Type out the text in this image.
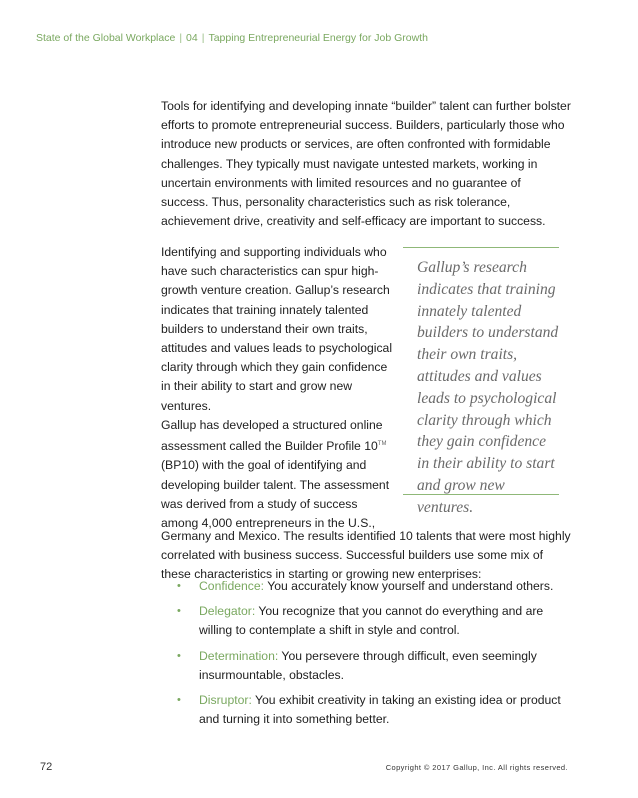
State of the Global Workplace | 04 | Tapping Entrepreneurial Energy for Job Growth
Tools for identifying and developing innate “builder” talent can further bolster efforts to promote entrepreneurial success. Builders, particularly those who introduce new products or services, are often confronted with formidable challenges. They typically must navigate untested markets, working in uncertain environments with limited resources and no guarantee of success. Thus, personality characteristics such as risk tolerance, achievement drive, creativity and self-efficacy are important to success.
Identifying and supporting individuals who have such characteristics can spur high-growth venture creation. Gallup’s research indicates that training innately talented builders to understand their own traits, attitudes and values leads to psychological clarity through which they gain confidence in their ability to start and grow new ventures.
Gallup has developed a structured online assessment called the Builder Profile 10™ (BP10) with the goal of identifying and developing builder talent. The assessment was derived from a study of success among 4,000 entrepreneurs in the U.S.,
Germany and Mexico. The results identified 10 talents that were most highly correlated with business success. Successful builders use some mix of these characteristics in starting or growing new enterprises:
Gallup’s research indicates that training innately talented builders to understand their own traits, attitudes and values leads to psychological clarity through which they gain confidence in their ability to start and grow new ventures.
• Confidence: You accurately know yourself and understand others.
• Delegator: You recognize that you cannot do everything and are willing to contemplate a shift in style and control.
• Determination: You persevere through difficult, even seemingly insurmountable, obstacles.
• Disruptor: You exhibit creativity in taking an existing idea or product and turning it into something better.
72	Copyright © 2017 Gallup, Inc. All rights reserved.
